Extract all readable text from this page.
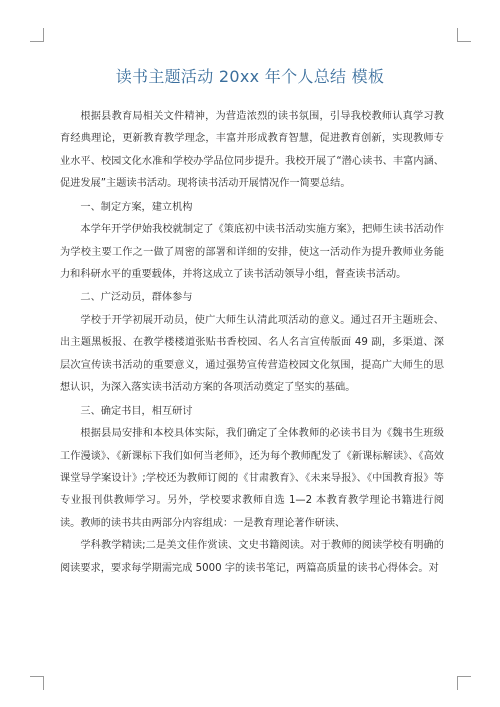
读书主题活动 20xx 年个人总结 模板

根据县教育局相关文件精神，为营造浓烈的读书氛围，引导我校教师认真学习教育经典理论，更新教育教学理念，丰富并形成教育智慧，促进教育创新，实现教师专业水平、校园文化水准和学校办学品位同步提升。我校开展了“潜心读书、丰富内涵、促进发展”主题读书活动。现将读书活动开展情况作一简要总结。

一、制定方案，建立机构

本学年开学伊始我校就制定了《策底初中读书活动实施方案》，把师生读书活动作为学校主要工作之一做了周密的部署和详细的安排，使这一活动作为提升教师业务能力和科研水平的重要载体，并将这成立了读书活动领导小组，督查读书活动。

二、广泛动员，群体参与

学校于开学初展开动员，使广大师生认清此项活动的意义。通过召开主题班会、出主题黑板报、在教学楼楼道张贴书香校园、名人名言宣传版面 49 副，多渠道、深层次宣传读书活动的重要意义，通过强势宣传营造校园文化氛围，提高广大师生的思想认识，为深入落实读书活动方案的各项活动奠定了坚实的基础。

三、确定书目，相互研讨

根据县局安排和本校具体实际，我们确定了全体教师的必读书目为《魏书生班级工作漫谈》、《新课标下我们如何当老师》，还为每个教师配发了《新课标解读》、《高效课堂导学案设计》;学校还为教师订阅的《甘肃教育》、《未来导报》、《中国教育报》等专业报刊供教师学习。另外，学校要求教师自选 1—2 本教育教学理论书籍进行阅读。教师的读书共由两部分内容组成：一是教育理论著作研读、

学科教学精读;二是美文佳作赏读、文史书籍阅读。对于教师的阅读学校有明确的阅读要求，要求每学期需完成 5000 字的读书笔记，两篇高质量的读书心得体会。对
